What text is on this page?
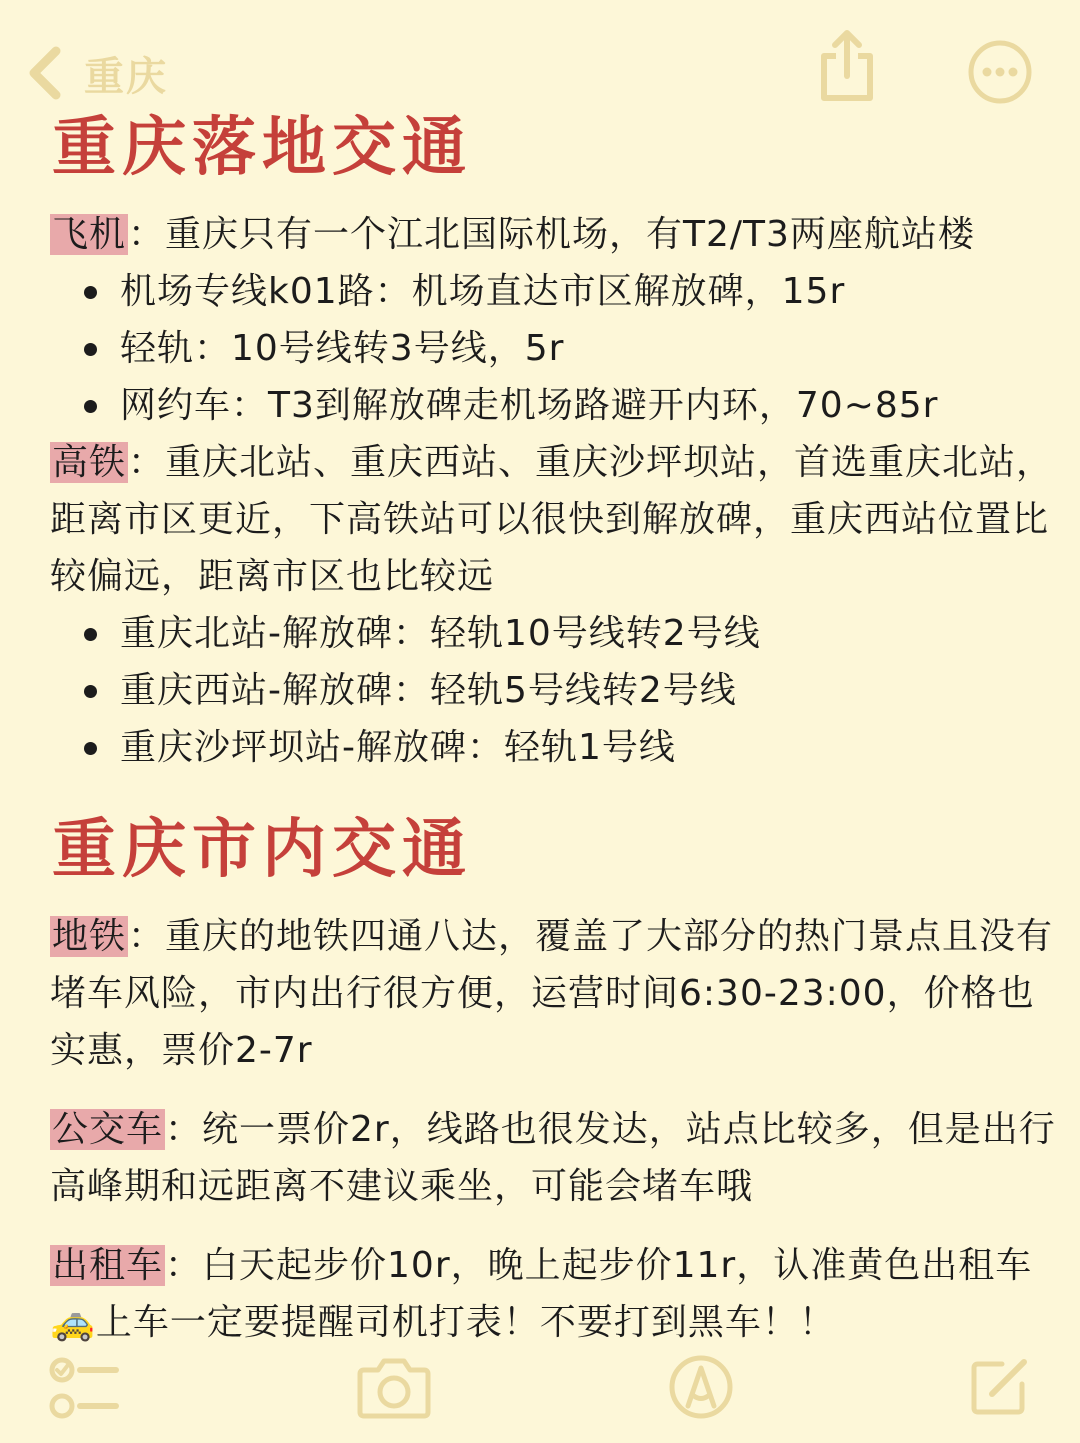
重庆
重庆落地交通

飞机：重庆只有一个江北国际机场，有T2/T3两座航站楼

机场专线k01路：机场直达市区解放碑，15r
轻轨：10号线转3号线，5r
网约车：T3到解放碑走机场路避开内环，70~85r

高铁：重庆北站、重庆西站、重庆沙坪坝站，首选重庆北站，距离市区更近，下高铁站可以很快到解放碑，重庆西站位置比较偏远，距离市区也比较远

重庆北站-解放碑：轻轨10号线转2号线
重庆西站-解放碑：轻轨5号线转2号线
重庆沙坪坝站-解放碑：轻轨1号线
重庆市内交通

地铁：重庆的地铁四通八达，覆盖了大部分的热门景点且没有堵车风险，市内出行很方便，运营时间6:30-23:00，价格也实惠，票价2-7r

公交车：统一票价2r，线路也很发达，站点比较多，但是出行高峰期和远距离不建议乘坐，可能会堵车哦

出租车：白天起步价10r，晚上起步价11r，认准黄色出租车🚕上车一定要提醒司机打表！不要打到黑车！！
